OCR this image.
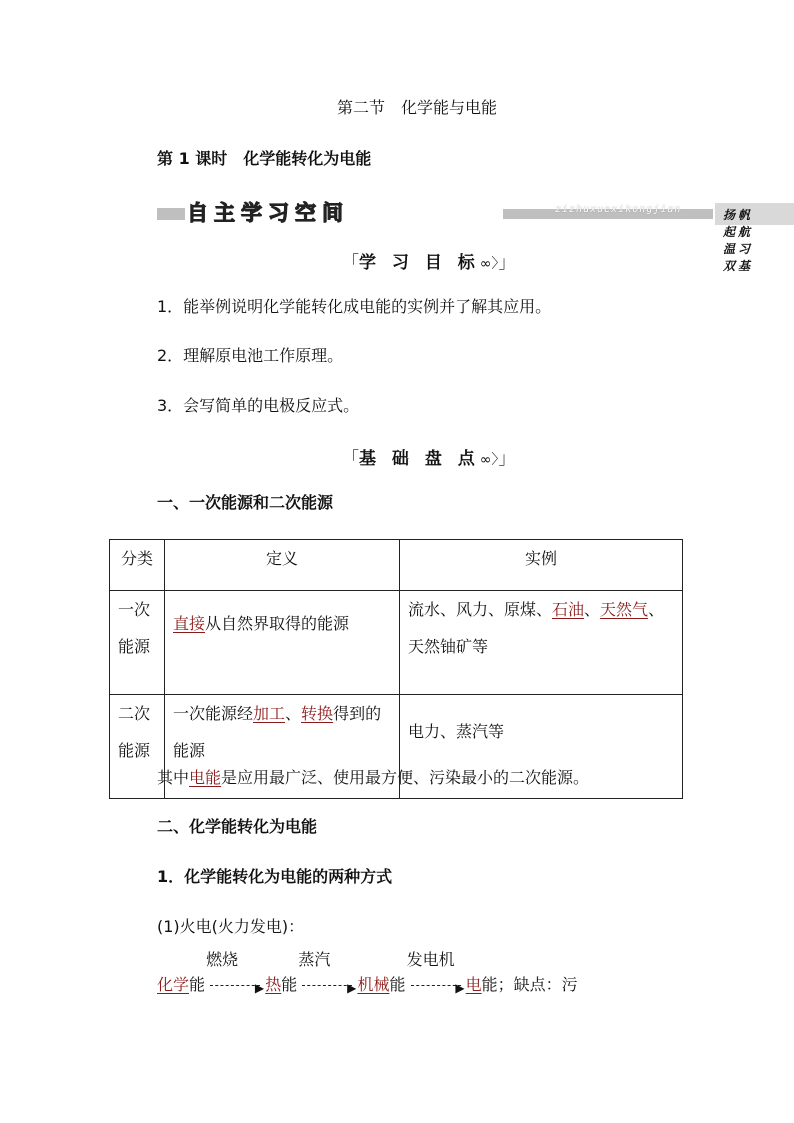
第二节　化学能与电能
第 1 课时　化学能转化为电能
自主学习空间	zizhuxuexikongjian	扬帆起航　温习双基
「学 习 目 标∞〉」
1．能举例说明化学能转化成电能的实例并了解其应用。
2．理解原电池工作原理。
3．会写简单的电极反应式。
「基 础 盘 点∞〉」
一、一次能源和二次能源
分类	定义	实例
一次能源	直接从自然界取得的能源	流水、风力、原煤、石油、天然气、天然铀矿等
二次能源	一次能源经加工、转换得到的能源	电力、蒸汽等
其中电能是应用最广泛、使用最方便、污染最小的二次能源。
二、化学能转化为电能
1．化学能转化为电能的两种方式
(1)火电(火力发电)：
化学能
燃烧
▶ 热能
蒸汽
▶ 机械能
发电机
▶ 电能；缺点：污
